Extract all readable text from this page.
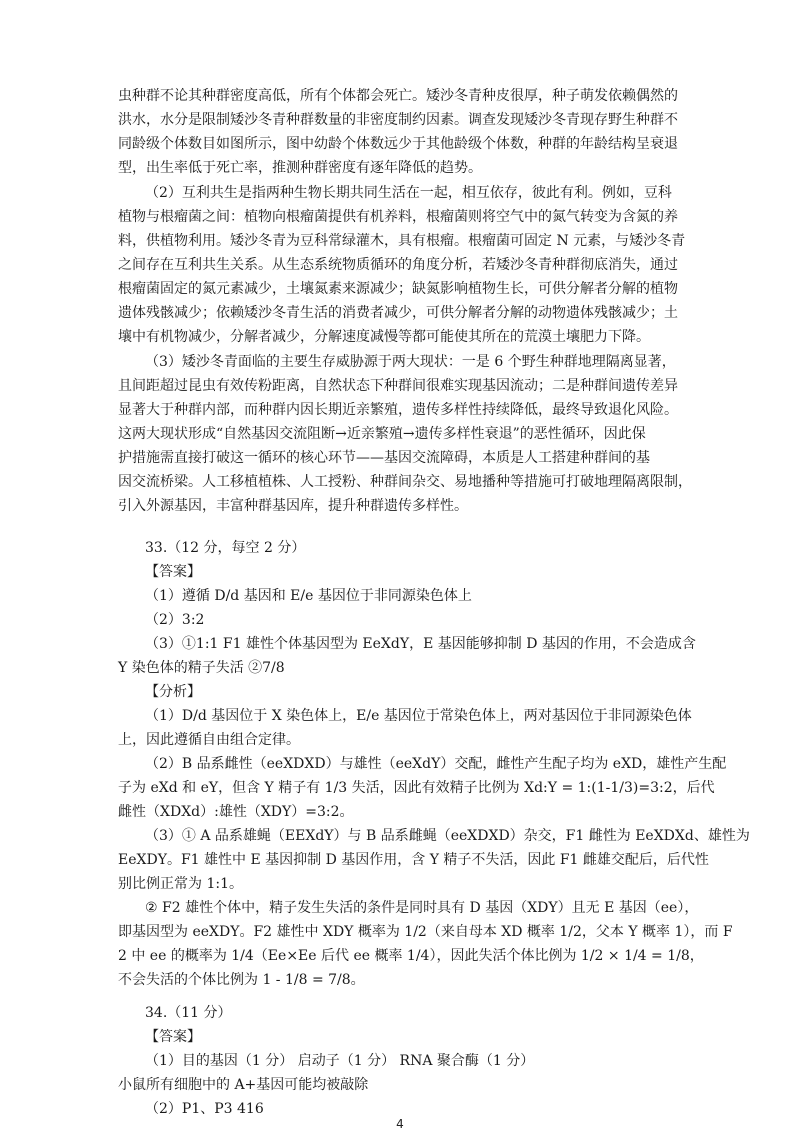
虫种群不论其种群密度高低，所有个体都会死亡。矮沙冬青种皮很厚，种子萌发依赖偶然的
洪水，水分是限制矮沙冬青种群数量的非密度制约因素。调查发现矮沙冬青现存野生种群不
同龄级个体数目如图所示，图中幼龄个体数远少于其他龄级个体数，种群的年龄结构呈衰退
型，出生率低于死亡率，推测种群密度有逐年降低的趋势。
（2）互利共生是指两种生物长期共同生活在一起，相互依存，彼此有利。例如，豆科
植物与根瘤菌之间：植物向根瘤菌提供有机养料，根瘤菌则将空气中的氮气转变为含氮的养
料，供植物利用。矮沙冬青为豆科常绿灌木，具有根瘤。根瘤菌可固定 N 元素，与矮沙冬青
之间存在互利共生关系。从生态系统物质循环的角度分析，若矮沙冬青种群彻底消失，通过
根瘤菌固定的氮元素减少，土壤氮素来源减少；缺氮影响植物生长，可供分解者分解的植物
遗体残骸减少；依赖矮沙冬青生活的消费者减少，可供分解者分解的动物遗体残骸减少；土
壤中有机物减少，分解者减少，分解速度减慢等都可能使其所在的荒漠土壤肥力下降。
（3）矮沙冬青面临的主要生存威胁源于两大现状：一是 6 个野生种群地理隔离显著，
且间距超过昆虫有效传粉距离，自然状态下种群间很难实现基因流动；二是种群间遗传差异
显著大于种群内部，而种群内因长期近亲繁殖，遗传多样性持续降低，最终导致退化风险。
这两大现状形成“自然基因交流阻断→近亲繁殖→遗传多样性衰退”的恶性循环，因此保
护措施需直接打破这一循环的核心环节——基因交流障碍，本质是人工搭建种群间的基
因交流桥梁。人工移植植株、人工授粉、种群间杂交、易地播种等措施可打破地理隔离限制，
引入外源基因，丰富种群基因库，提升种群遗传多样性。
33.（12 分，每空 2 分）
【答案】
（1）遵循 D/d 基因和 E/e 基因位于非同源染色体上
（2）3:2
（3）①1:1 F1 雄性个体基因型为 EeXdY，E 基因能够抑制 D 基因的作用，不会造成含
Y 染色体的精子失活 ②7/8
【分析】
（1）D/d 基因位于 X 染色体上，E/e 基因位于常染色体上，两对基因位于非同源染色体
上，因此遵循自由组合定律。
（2）B 品系雌性（eeXDXD）与雄性（eeXdY）交配，雌性产生配子均为 eXD，雄性产生配
子为 eXd 和 eY，但含 Y 精子有 1/3 失活，因此有效精子比例为 Xd:Y = 1:(1-1/3)=3:2，后代
雌性（XDXd）:雄性（XDY）=3:2。
（3）① A 品系雄蝇（EEXdY）与 B 品系雌蝇（eeXDXD）杂交，F1 雌性为 EeXDXd、雄性为
EeXDY。F1 雄性中 E 基因抑制 D 基因作用，含 Y 精子不失活，因此 F1 雌雄交配后，后代性
别比例正常为 1:1。
② F2 雄性个体中，精子发生失活的条件是同时具有 D 基因（XDY）且无 E 基因（ee），
即基因型为 eeXDY。F2 雄性中 XDY 概率为 1/2（来自母本 XD 概率 1/2，父本 Y 概率 1），而 F
2 中 ee 的概率为 1/4（Ee×Ee 后代 ee 概率 1/4），因此失活个体比例为 1/2 × 1/4 = 1/8，
不会失活的个体比例为 1 - 1/8 = 7/8。
34.（11 分）
【答案】
（1）目的基因（1 分） 启动子（1 分） RNA 聚合酶（1 分）
小鼠所有细胞中的 A+基因可能均被敲除
（2）P1、P3 416
4
